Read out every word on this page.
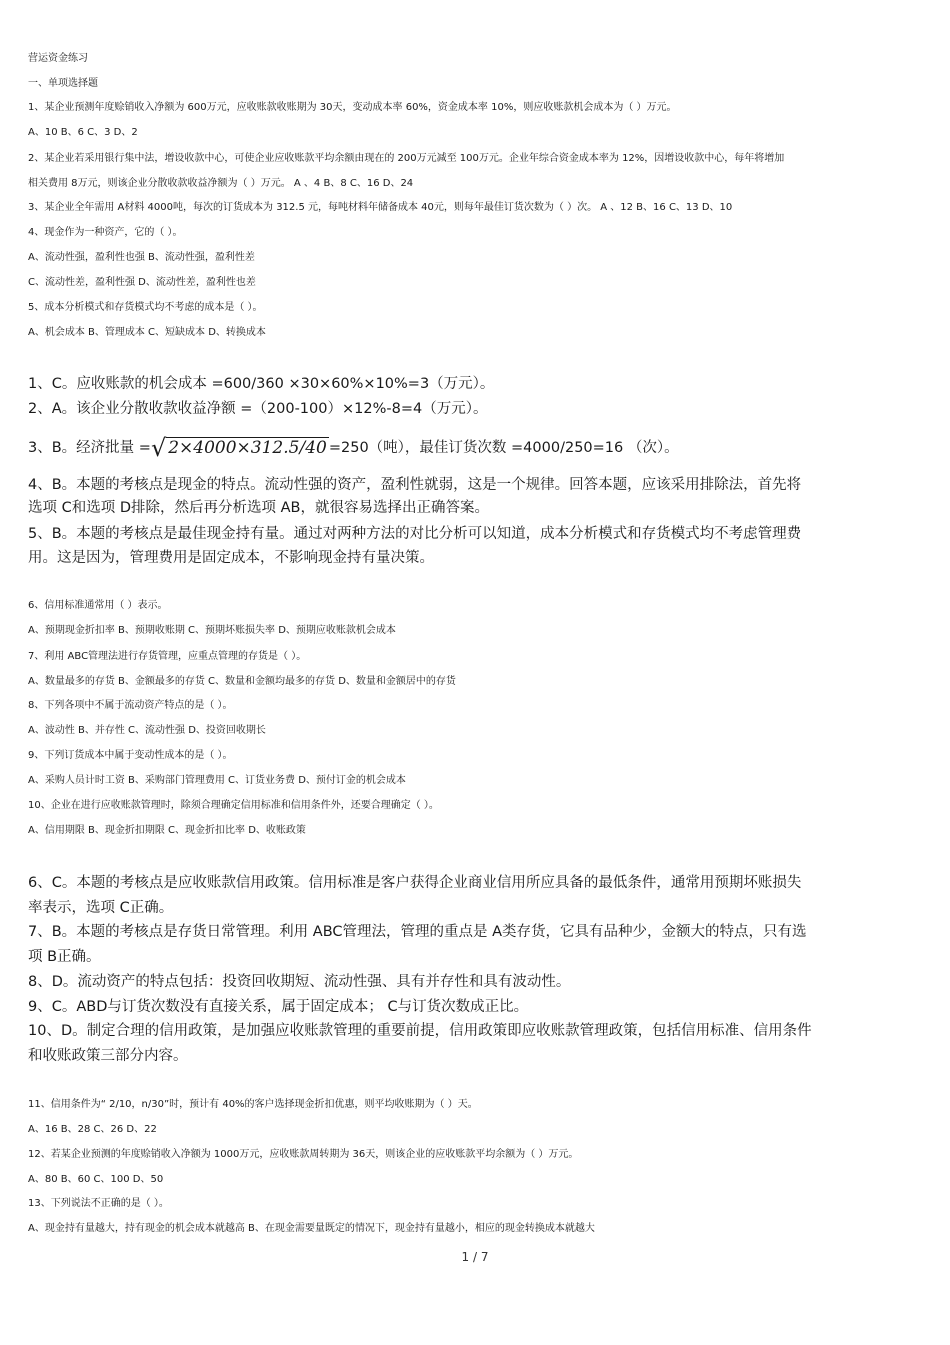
营运资金练习
一、单项选择题
1、某企业预测年度赊销收入净额为 600万元，应收账款收账期为 30天，变动成本率 60%，资金成本率 10%，则应收账款机会成本为（ ）万元。
A、10 B、6 C、3 D、2
2、某企业若采用银行集中法，增设收款中心，可使企业应收账款平均余额由现在的 200万元减至 100万元。企业年综合资金成本率为 12%，因增设收款中心，每年将增加
相关费用 8万元，则该企业分散收款收益净额为（ ）万元。 A 、4 B、8 C、16 D、24
3、某企业全年需用 A材料 4000吨，每次的订货成本为 312.5 元，每吨材料年储备成本 40元，则每年最佳订货次数为（ ）次。 A 、12 B、16 C、13 D、10
4、现金作为一种资产，它的（ ）。
A、流动性强，盈利性也强 B、流动性强，盈利性差
C、流动性差，盈利性强 D、流动性差，盈利性也差
5、成本分析模式和存货模式均不考虑的成本是（ ）。
A、机会成本 B、管理成本 C、短缺成本 D、转换成本
1、C。应收账款的机会成本 =600/360 ×30×60%×10%=3（万元）。
2、A。该企业分散收款收益净额 =（200-100）×12%-8=4（万元）。
3、B。经济批量 =√ 2×4000×312.5/40 =250（吨），最佳订货次数 =4000/250=16 （次）。
4、B。本题的考核点是现金的特点。流动性强的资产，盈利性就弱，这是一个规律。回答本题，应该采用排除法，首先将
选项 C和选项 D排除，然后再分析选项 AB，就很容易选择出正确答案。
5、B。本题的考核点是最佳现金持有量。通过对两种方法的对比分析可以知道，成本分析模式和存货模式均不考虑管理费
用。这是因为，管理费用是固定成本，不影响现金持有量决策。
6、信用标准通常用（ ）表示。
A、预期现金折扣率 B、预期收账期 C、预期坏账损失率 D、预期应收账款机会成本
7、利用 ABC管理法进行存货管理，应重点管理的存货是（ ）。
A、数量最多的存货 B、金额最多的存货 C、数量和金额均最多的存货 D、数量和金额居中的存货
8、下列各项中不属于流动资产特点的是（ ）。
A、波动性 B、并存性 C、流动性强 D、投资回收期长
9、下列订货成本中属于变动性成本的是（ ）。
A、采购人员计时工资 B、采购部门管理费用 C、订货业务费 D、预付订金的机会成本
10、企业在进行应收账款管理时，除须合理确定信用标准和信用条件外，还要合理确定（ ）。
A、信用期限 B、现金折扣期限 C、现金折扣比率 D、收账政策
6、C。本题的考核点是应收账款信用政策。信用标准是客户获得企业商业信用所应具备的最低条件，通常用预期坏账损失
率表示，选项 C正确。
7、B。本题的考核点是存货日常管理。利用 ABC管理法，管理的重点是 A类存货，它具有品种少，金额大的特点，只有选
项 B正确。
8、D。流动资产的特点包括：投资回收期短、流动性强、具有并存性和具有波动性。
9、C。ABD与订货次数没有直接关系，属于固定成本； C与订货次数成正比。
10、D。制定合理的信用政策，是加强应收账款管理的重要前提，信用政策即应收账款管理政策，包括信用标准、信用条件
和收账政策三部分内容。
11、信用条件为“ 2/10，n/30”时，预计有 40%的客户选择现金折扣优惠，则平均收账期为（ ）天。
A、16 B、28 C、26 D、22
12、若某企业预测的年度赊销收入净额为 1000万元，应收账款周转期为 36天，则该企业的应收账款平均余额为（ ）万元。
A、80 B、60 C、100 D、50
13、下列说法不正确的是（ ）。
A、现金持有量越大，持有现金的机会成本就越高 B、在现金需要量既定的情况下，现金持有量越小，相应的现金转换成本就越大
1 / 7
